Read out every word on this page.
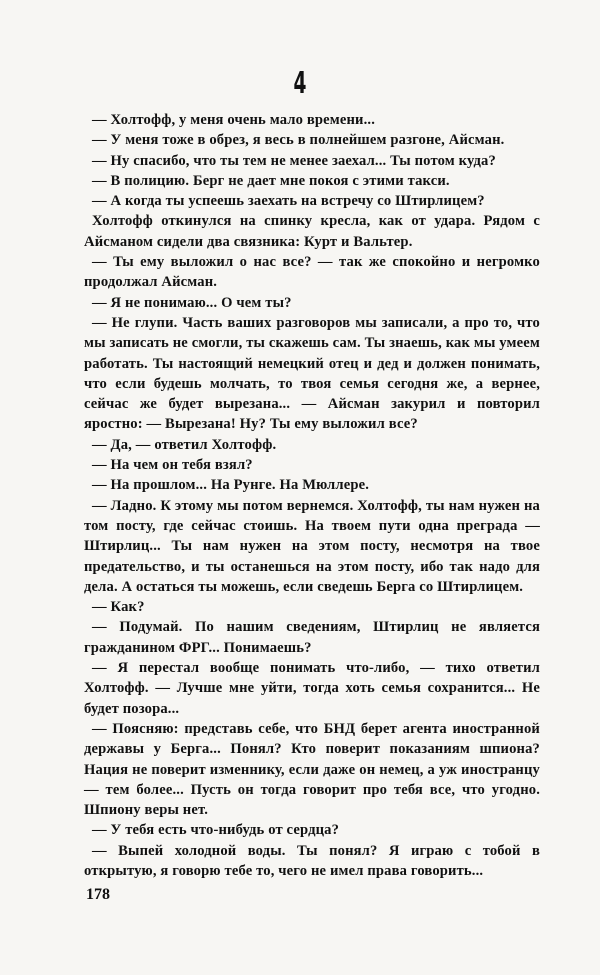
4

— Холтофф, у меня очень мало времени...

— У меня тоже в обрез, я весь в полнейшем разгоне, Айсман.

— Ну спасибо, что ты тем не менее заехал... Ты потом куда?

— В полицию. Берг не дает мне покоя с этими такси.

— А когда ты успеешь заехать на встречу со Штирлицем?

Холтофф откинулся на спинку кресла, как от удара. Рядом с Айсманом сидели два связника: Курт и Вальтер.

— Ты ему выложил о нас все? — так же спокойно и негромко продолжал Айсман.

— Я не понимаю... О чем ты?

— Не глупи. Часть ваших разговоров мы записали, а про то, что мы записать не смогли, ты скажешь сам. Ты знаешь, как мы умеем работать. Ты настоящий немецкий отец и дед и должен понимать, что если будешь молчать, то твоя семья сегодня же, а вернее, сейчас же будет вырезана... — Айсман закурил и повторил яростно: — Вырезана! Ну? Ты ему выложил все?

— Да, — ответил Холтофф.

— На чем он тебя взял?

— На прошлом... На Рунге. На Мюллере.

— Ладно. К этому мы потом вернемся. Холтофф, ты нам нужен на том посту, где сейчас стоишь. На твоем пути одна преграда — Штирлиц... Ты нам нужен на этом посту, несмотря на твое предательство, и ты останешься на этом посту, ибо так надо для дела. А остаться ты можешь, если сведешь Берга со Штирлицем.

— Как?

— Подумай. По нашим сведениям, Штирлиц не является гражданином ФРГ... Понимаешь?

— Я перестал вообще понимать что-либо, — тихо ответил Холтофф. — Лучше мне уйти, тогда хоть семья сохранится... Не будет позора...

— Поясняю: представь себе, что БНД берет агента иностранной державы у Берга... Понял? Кто поверит показаниям шпиона? Нация не поверит изменнику, если даже он немец, а уж иностранцу — тем более... Пусть он тогда говорит про тебя все, что угодно. Шпиону веры нет.

— У тебя есть что-нибудь от сердца?

— Выпей холодной воды. Ты понял? Я играю с тобой в открытую, я говорю тебе то, чего не имел права говорить...

178
